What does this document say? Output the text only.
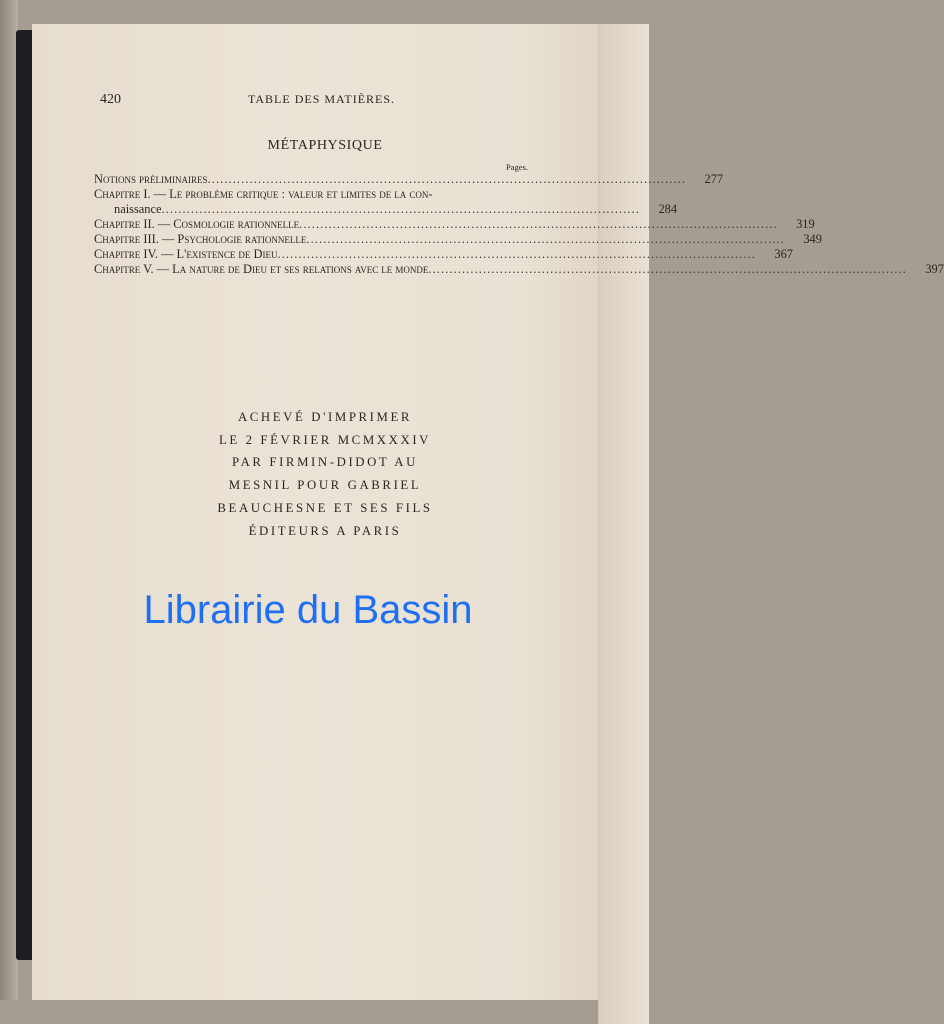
420	TABLE DES MATIÈRES.
MÉTAPHYSIQUE
Pages.
Notions préliminaires ..................................................................................................................	277
Chapitre I. — Le problème critique : valeur et limites de la con-
naissance ..................................................................................................................	284
Chapitre II. — Cosmologie rationnelle ..................................................................................................................	319
Chapitre III. — Psychologie rationnelle ..................................................................................................................	349
Chapitre IV. — L'existence de Dieu ..................................................................................................................	367
Chapitre V. — La nature de Dieu et ses relations avec le monde ..................................................................................................................	397
ACHEVÉ D'IMPRIMER
LE 2 FÉVRIER MCMXXXIV
PAR FIRMIN-DIDOT AU
MESNIL POUR GABRIEL
BEAUCHESNE ET SES FILS
ÉDITEURS A PARIS
Librairie du Bassin
